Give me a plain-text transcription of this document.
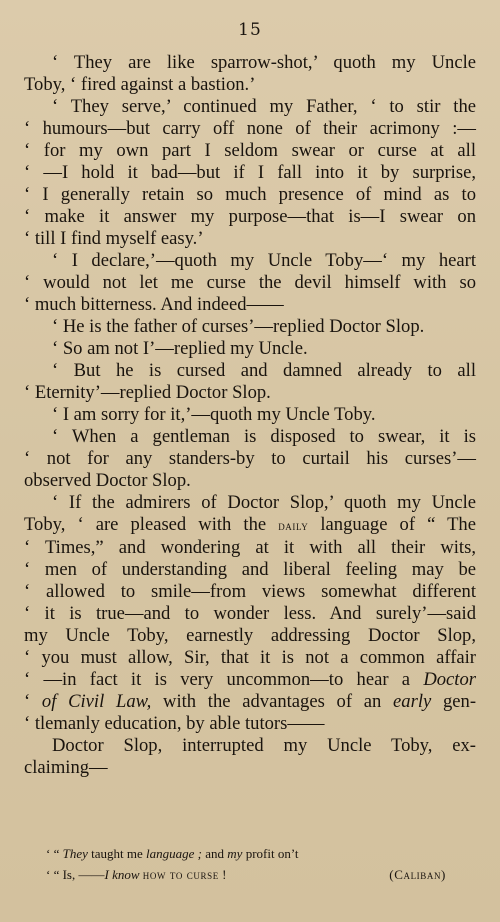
15
‘ They are like sparrow-shot,’ quoth my Uncle
Toby, ‘ fired against a bastion.’
‘ They serve,’ continued my Father, ‘ to stir the
‘ humours—but carry off none of their acrimony :—
‘ for my own part I seldom swear or curse at all
‘ —I hold it bad—but if I fall into it by surprise,
‘ I generally retain so much presence of mind as to
‘ make it answer my purpose—that is—I swear on
‘ till I find myself easy.’
‘ I declare,’—quoth my Uncle Toby—‘ my heart
‘ would not let me curse the devil himself with so
‘ much bitterness. And indeed——
‘ He is the father of curses’—replied Doctor Slop.
‘ So am not I’—replied my Uncle.
‘ But he is cursed and damned already to all
‘ Eternity’—replied Doctor Slop.
‘ I am sorry for it,’—quoth my Uncle Toby.
‘ When a gentleman is disposed to swear, it is
‘ not for any standers-by to curtail his curses’—
observed Doctor Slop.
‘ If the admirers of Doctor Slop,’ quoth my Uncle
Toby, ‘ are pleased with the daily language of “ The
‘ Times,” and wondering at it with all their wits,
‘ men of understanding and liberal feeling may be
‘ allowed to smile—from views somewhat different
‘ it is true—and to wonder less. And surely’—said
my Uncle Toby, earnestly addressing Doctor Slop,
‘ you must allow, Sir, that it is not a common affair
‘ —in fact it is very uncommon—to hear a Doctor
‘ of Civil Law, with the advantages of an early gen-
‘ tlemanly education, by able tutors——
Doctor Slop, interrupted my Uncle Toby, ex-
claiming—
‘ “ They taught me language ; and my profit on’t
(Caliban)
‘ “ Is, ——I know how to curse !
